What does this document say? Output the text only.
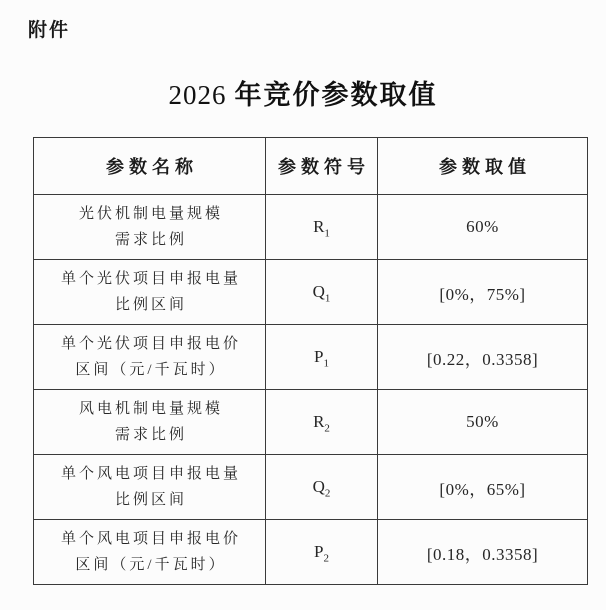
附件
2026 年竞价参数取值
参数名称	参数符号	参数取值

光伏机制电量规模
需求比例	$R_1$	60%

单个光伏项目申报电量
比例区间	$Q_1$	[0%，75%]

单个光伏项目申报电价
区间（元/千瓦时）	$P_1$	[0.22，0.3358]

风电机制电量规模
需求比例	$R_2$	50%

单个风电项目申报电量
比例区间	$Q_2$	[0%，65%]

单个风电项目申报电价
区间（元/千瓦时）	$P_2$	[0.18，0.3358]
